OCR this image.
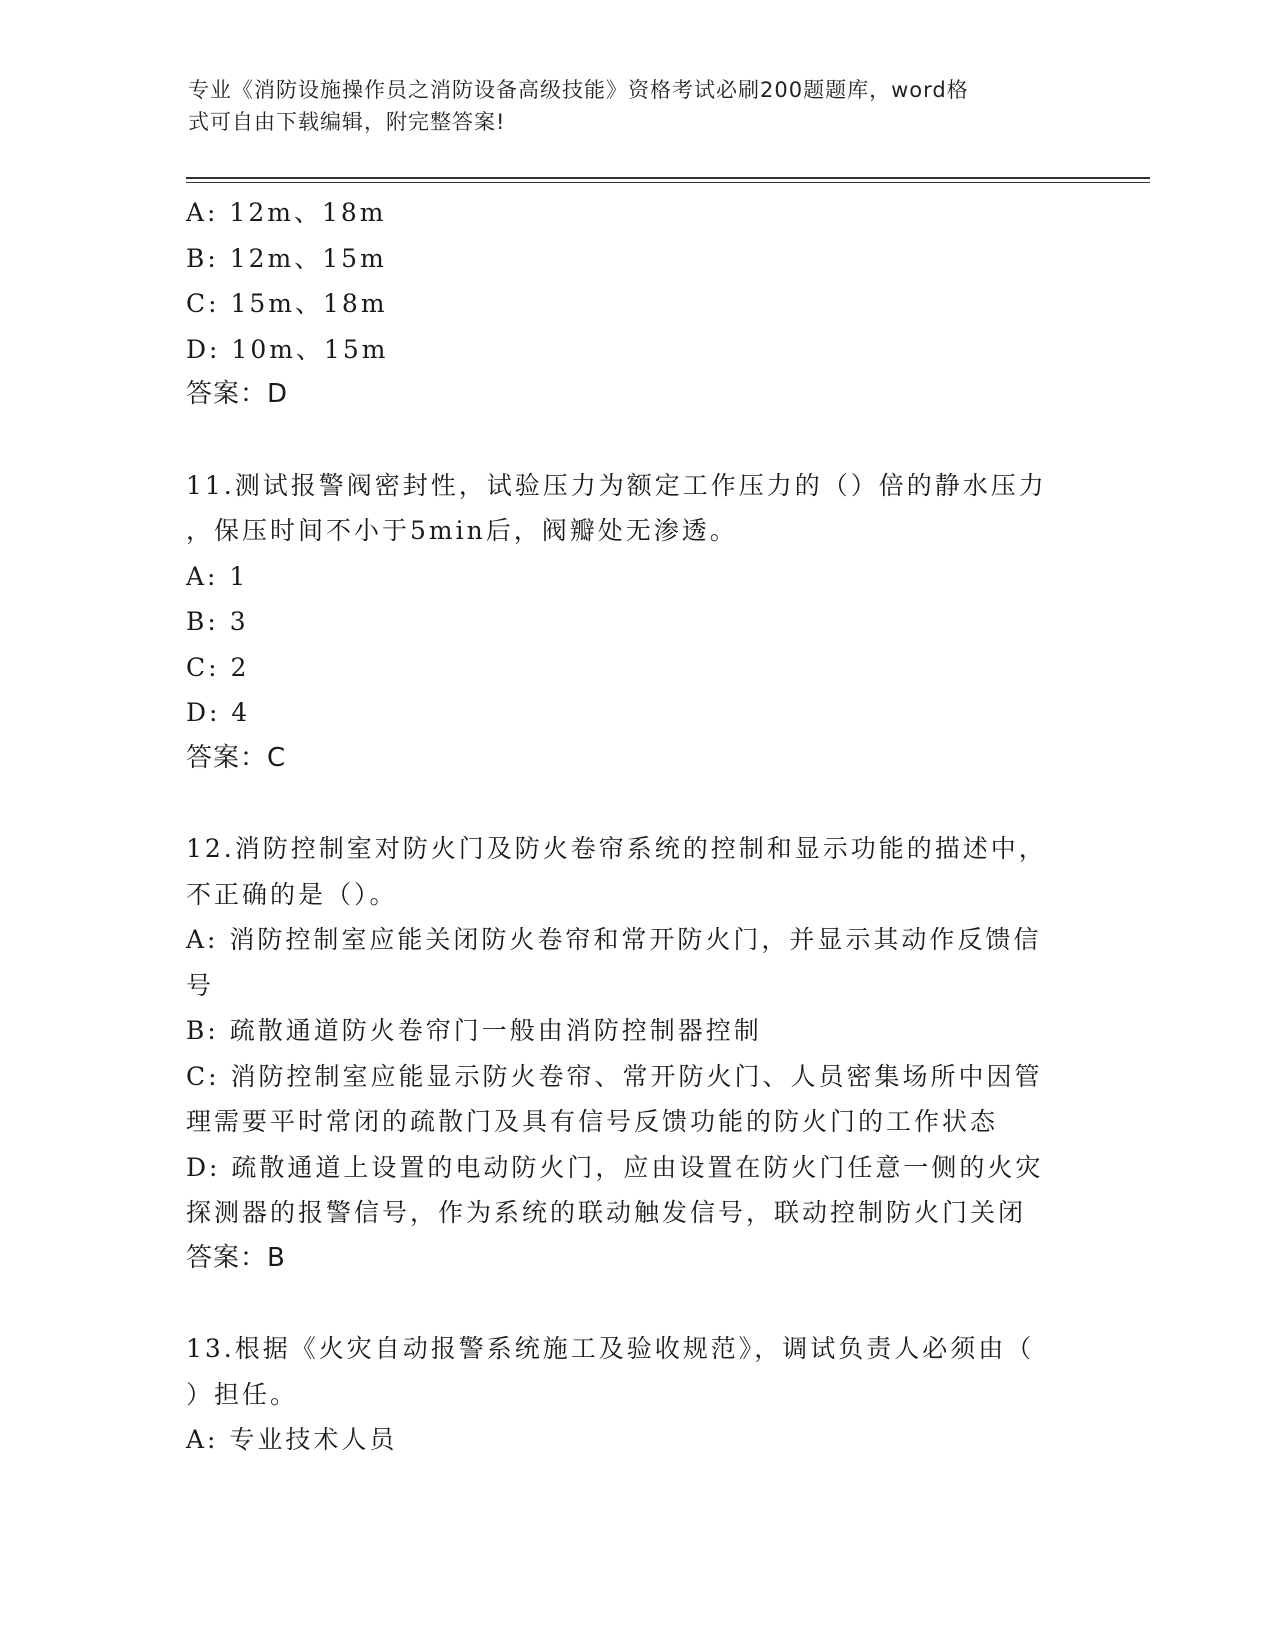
专业《消防设施操作员之消防设备高级技能》资格考试必刷200题题库，word格
式可自由下载编辑，附完整答案!
A: 12m、18m
B: 12m、15m
C: 15m、18m
D: 10m、15m
答案：D
11.测试报警阀密封性，试验压力为额定工作压力的（）倍的静水压力
，保压时间不小于5min后，阀瓣处无渗透。
A: 1
B: 3
C: 2
D: 4
答案：C
12.消防控制室对防火门及防火卷帘系统的控制和显示功能的描述中，
不正确的是（）。
A: 消防控制室应能关闭防火卷帘和常开防火门，并显示其动作反馈信
号
B: 疏散通道防火卷帘门一般由消防控制器控制
C: 消防控制室应能显示防火卷帘、常开防火门、人员密集场所中因管
理需要平时常闭的疏散门及具有信号反馈功能的防火门的工作状态
D: 疏散通道上设置的电动防火门，应由设置在防火门任意一侧的火灾
探测器的报警信号，作为系统的联动触发信号，联动控制防火门关闭
答案：B
13.根据《火灾自动报警系统施工及验收规范》，调试负责人必须由（
）担任。
A: 专业技术人员
